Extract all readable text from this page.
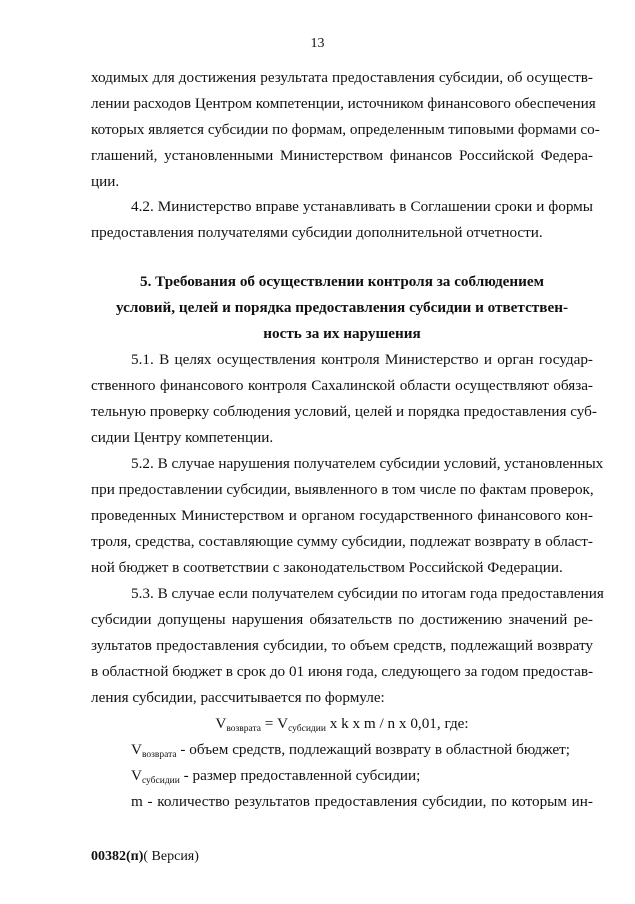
13
ходимых для достижения результата предоставления субсидии, об осуществ-
лении расходов Центром компетенции, источником финансового обеспечения
которых является субсидии по формам, определенным типовыми формами со-
глашений, установленными Министерством финансов Российской Федера-
ции.
4.2. Министерство вправе устанавливать в Соглашении сроки и формы
предоставления получателями субсидии дополнительной отчетности.
5. Требования об осуществлении контроля за соблюдением
условий, целей и порядка предоставления субсидии и ответствен-
ность за их нарушения
5.1. В целях осуществления контроля Министерство и орган государ-
ственного финансового контроля Сахалинской области осуществляют обяза-
тельную проверку соблюдения условий, целей и порядка предоставления суб-
сидии Центру компетенции.
5.2. В случае нарушения получателем субсидии условий, установленных
при предоставлении субсидии, выявленного в том числе по фактам проверок,
проведенных Министерством и органом государственного финансового кон-
троля, средства, составляющие сумму субсидии, подлежат возврату в област-
ной бюджет в соответствии с законодательством Российской Федерации.
5.3. В случае если получателем субсидии по итогам года предоставления
субсидии допущены нарушения обязательств по достижению значений ре-
зультатов предоставления субсидии, то объем средств, подлежащий возврату
в областной бюджет в срок до 01 июня года, следующего за годом предостав-
ления субсидии, рассчитывается по формуле:
$V_{возврата} = V_{субсидии}$ x k x m / n x 0,01, где:
$V_{возврата}$ - объем средств, подлежащий возврату в областной бюджет;
$V_{субсидии}$ - размер предоставленной субсидии;
m - количество результатов предоставления субсидии, по которым ин-
00382(п)( Версия)
